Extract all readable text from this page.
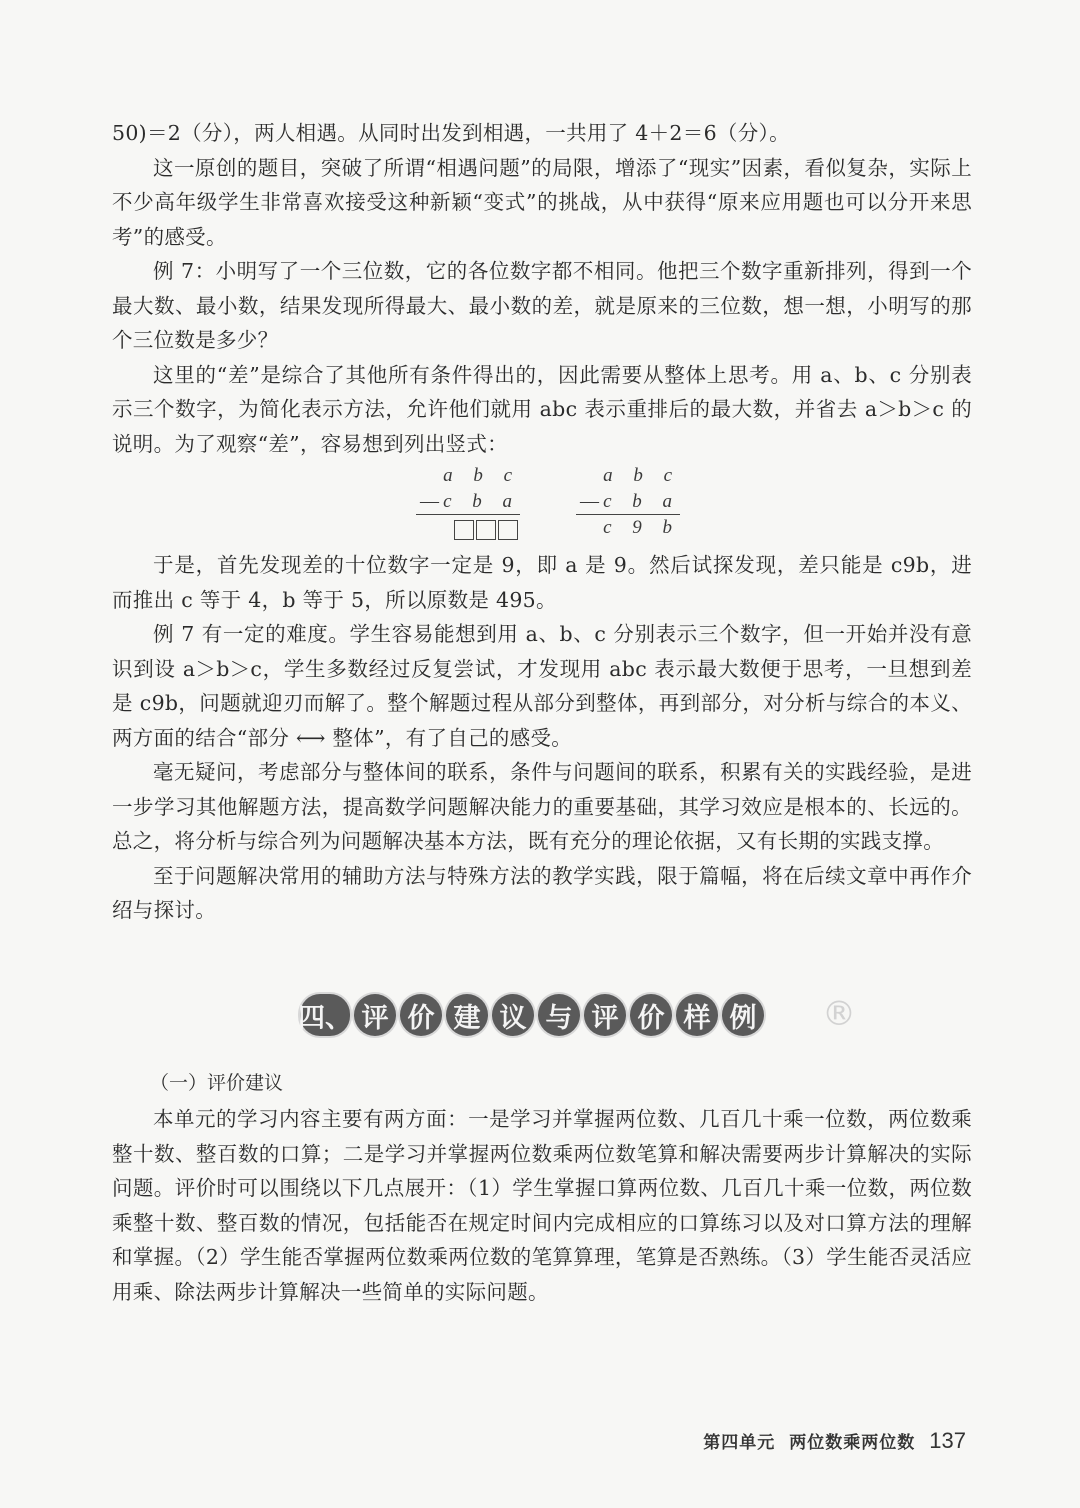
50)＝2（分），两人相遇。从同时出发到相遇，一共用了 4＋2＝6（分）。

这一原创的题目，突破了所谓“相遇问题”的局限，增添了“现实”因素，看似复杂，实际上不少高年级学生非常喜欢接受这种新颖“变式”的挑战，从中获得“原来应用题也可以分开来思考”的感受。

例 7：小明写了一个三位数，它的各位数字都不相同。他把三个数字重新排列，得到一个最大数、最小数，结果发现所得最大、最小数的差，就是原来的三位数，想一想，小明写的那个三位数是多少？

这里的“差”是综合了其他所有条件得出的，因此需要从整体上思考。用 a、b、c 分别表示三个数字，为简化表示方法，允许他们就用 abc 表示重排后的最大数，并省去 a＞b＞c 的说明。为了观察“差”，容易想到列出竖式：

a b c
— c b a
a b c
— c b a
c 9 b

于是，首先发现差的十位数字一定是 9，即 a 是 9。然后试探发现，差只能是 c9b，进而推出 c 等于 4，b 等于 5，所以原数是 495。

例 7 有一定的难度。学生容易能想到用 a、b、c 分别表示三个数字，但一开始并没有意识到设 a＞b＞c，学生多数经过反复尝试，才发现用 abc 表示最大数便于思考，一旦想到差是 c9b，问题就迎刃而解了。整个解题过程从部分到整体，再到部分，对分析与综合的本义、两方面的结合“部分 ⟷ 整体”，有了自己的感受。

毫无疑问，考虑部分与整体间的联系，条件与问题间的联系，积累有关的实践经验，是进一步学习其他解题方法，提高数学问题解决能力的重要基础，其学习效应是根本的、长远的。总之，将分析与综合列为问题解决基本方法，既有充分的理论依据，又有长期的实践支撑。

至于问题解决常用的辅助方法与特殊方法的教学实践，限于篇幅，将在后续文章中再作介绍与探讨。

四、 评 价 建 议 与 评 价 样 例 ®
（一）评价建议

本单元的学习内容主要有两方面：一是学习并掌握两位数、几百几十乘一位数，两位数乘整十数、整百数的口算；二是学习并掌握两位数乘两位数笔算和解决需要两步计算解决的实际问题。评价时可以围绕以下几点展开：（1）学生掌握口算两位数、几百几十乘一位数，两位数乘整十数、整百数的情况，包括能否在规定时间内完成相应的口算练习以及对口算方法的理解和掌握。（2）学生能否掌握两位数乘两位数的笔算算理，笔算是否熟练。（3）学生能否灵活应用乘、除法两步计算解决一些简单的实际问题。

第四单元 两位数乘两位数 137
